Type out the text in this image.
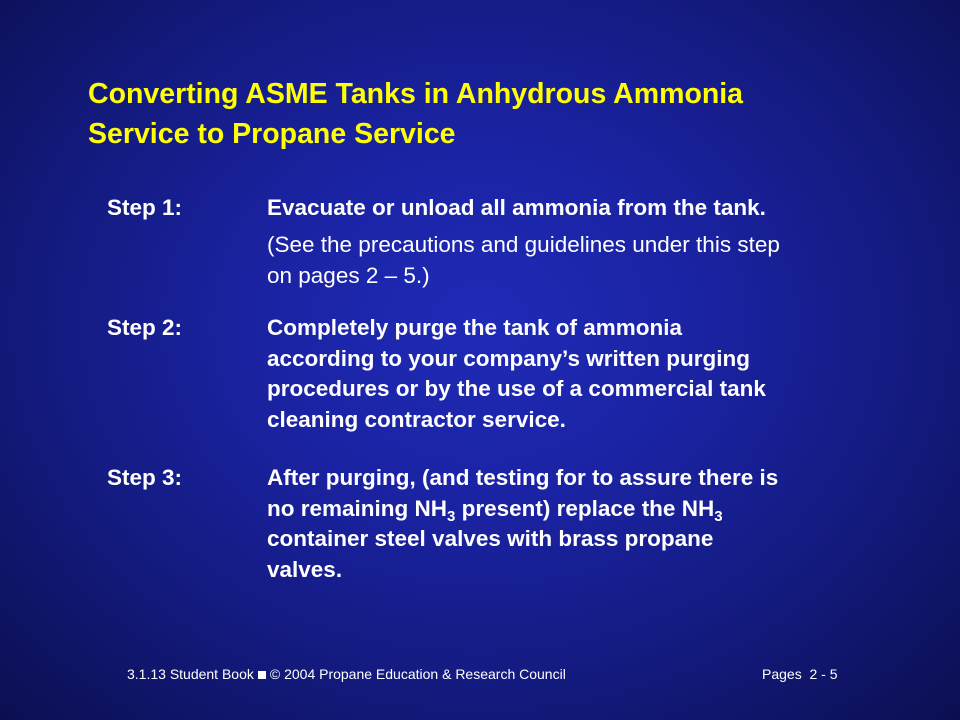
Converting ASME Tanks in Anhydrous Ammonia
Service to Propane Service
Step 1:	Evacuate or unload all ammonia from the tank.
(See the precautions and guidelines under this step
on pages 2 – 5.)
Step 2:	Completely purge the tank of ammonia
according to your company’s written purging
procedures or by the use of a commercial tank
cleaning contractor service.
Step 3:	After purging, (and testing for to assure there is
no remaining $NH_3$ present) replace the $NH_3$
container steel valves with brass propane
valves.
3.1.13 Student Book © 2004 Propane Education & Research Council	Pages  2 - 5
